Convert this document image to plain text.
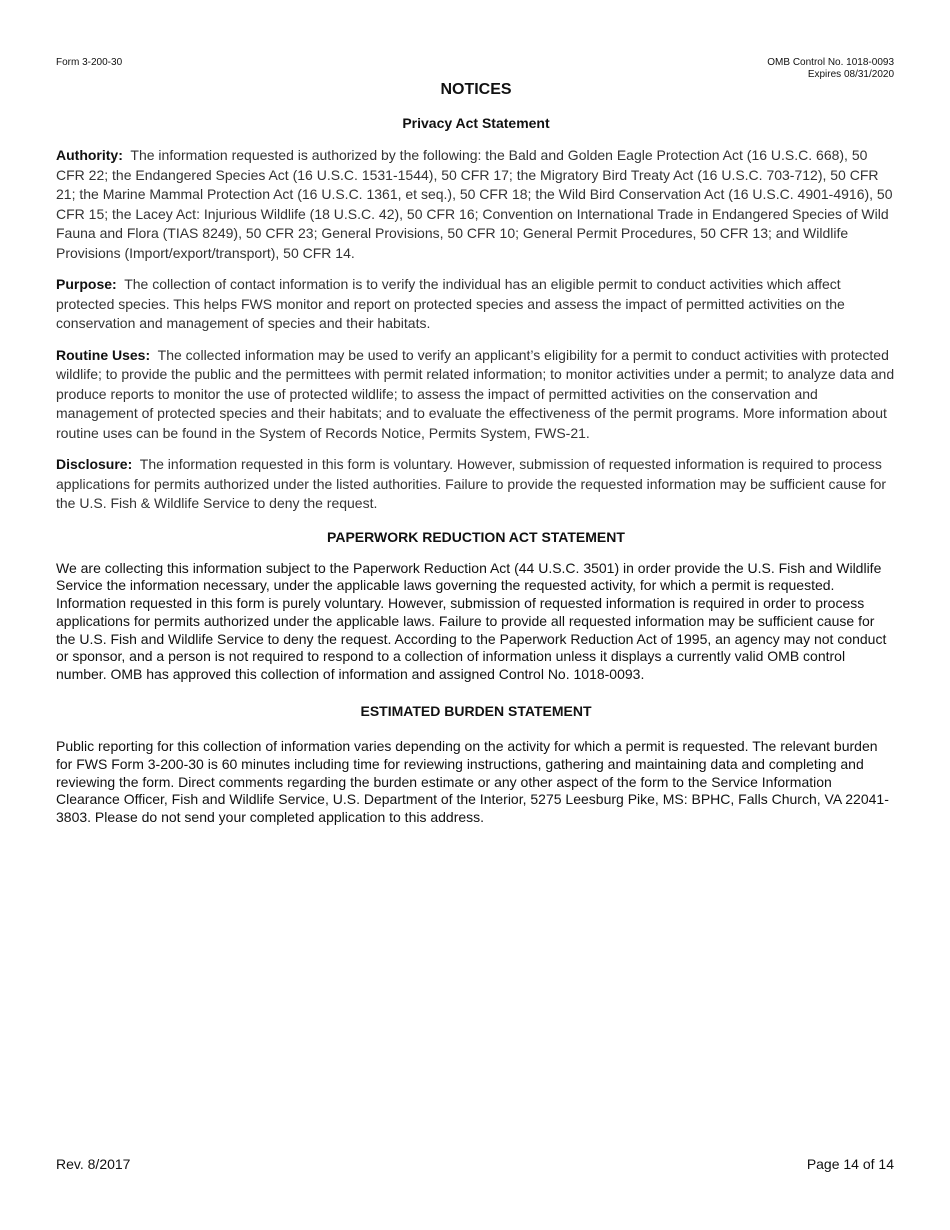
Form 3-200-30	OMB Control No. 1018-0093
Expires 08/31/2020
NOTICES
Privacy Act Statement

Authority: The information requested is authorized by the following: the Bald and Golden Eagle Protection Act (16 U.S.C. 668), 50 CFR 22; the Endangered Species Act (16 U.S.C. 1531-1544), 50 CFR 17; the Migratory Bird Treaty Act (16 U.S.C. 703-712), 50 CFR 21; the Marine Mammal Protection Act (16 U.S.C. 1361, et seq.), 50 CFR 18; the Wild Bird Conservation Act (16 U.S.C. 4901-4916), 50 CFR 15; the Lacey Act: Injurious Wildlife (18 U.S.C. 42), 50 CFR 16; Convention on International Trade in Endangered Species of Wild Fauna and Flora (TIAS 8249), 50 CFR 23; General Provisions, 50 CFR 10; General Permit Procedures, 50 CFR 13; and Wildlife Provisions (Import/export/transport), 50 CFR 14.

Purpose: The collection of contact information is to verify the individual has an eligible permit to conduct activities which affect protected species. This helps FWS monitor and report on protected species and assess the impact of permitted activities on the conservation and management of species and their habitats.

Routine Uses: The collected information may be used to verify an applicant’s eligibility for a permit to conduct activities with protected wildlife; to provide the public and the permittees with permit related information; to monitor activities under a permit; to analyze data and produce reports to monitor the use of protected wildlife; to assess the impact of permitted activities on the conservation and management of protected species and their habitats; and to evaluate the effectiveness of the permit programs. More information about routine uses can be found in the System of Records Notice, Permits System, FWS-21.

Disclosure: The information requested in this form is voluntary. However, submission of requested information is required to process applications for permits authorized under the listed authorities. Failure to provide the requested information may be sufficient cause for the U.S. Fish & Wildlife Service to deny the request.

PAPERWORK REDUCTION ACT STATEMENT

We are collecting this information subject to the Paperwork Reduction Act (44 U.S.C. 3501) in order provide the U.S. Fish and Wildlife Service the information necessary, under the applicable laws governing the requested activity, for which a permit is requested. Information requested in this form is purely voluntary. However, submission of requested information is required in order to process applications for permits authorized under the applicable laws. Failure to provide all requested information may be sufficient cause for the U.S. Fish and Wildlife Service to deny the request. According to the Paperwork Reduction Act of 1995, an agency may not conduct or sponsor, and a person is not required to respond to a collection of information unless it displays a currently valid OMB control number. OMB has approved this collection of information and assigned Control No. 1018-0093.

ESTIMATED BURDEN STATEMENT

Public reporting for this collection of information varies depending on the activity for which a permit is requested. The relevant burden for FWS Form 3-200-30 is 60 minutes including time for reviewing instructions, gathering and maintaining data and completing and reviewing the form. Direct comments regarding the burden estimate or any other aspect of the form to the Service Information Clearance Officer, Fish and Wildlife Service, U.S. Department of the Interior, 5275 Leesburg Pike, MS: BPHC, Falls Church, VA 22041-3803. Please do not send your completed application to this address.

Rev. 8/2017	Page 14 of 14
